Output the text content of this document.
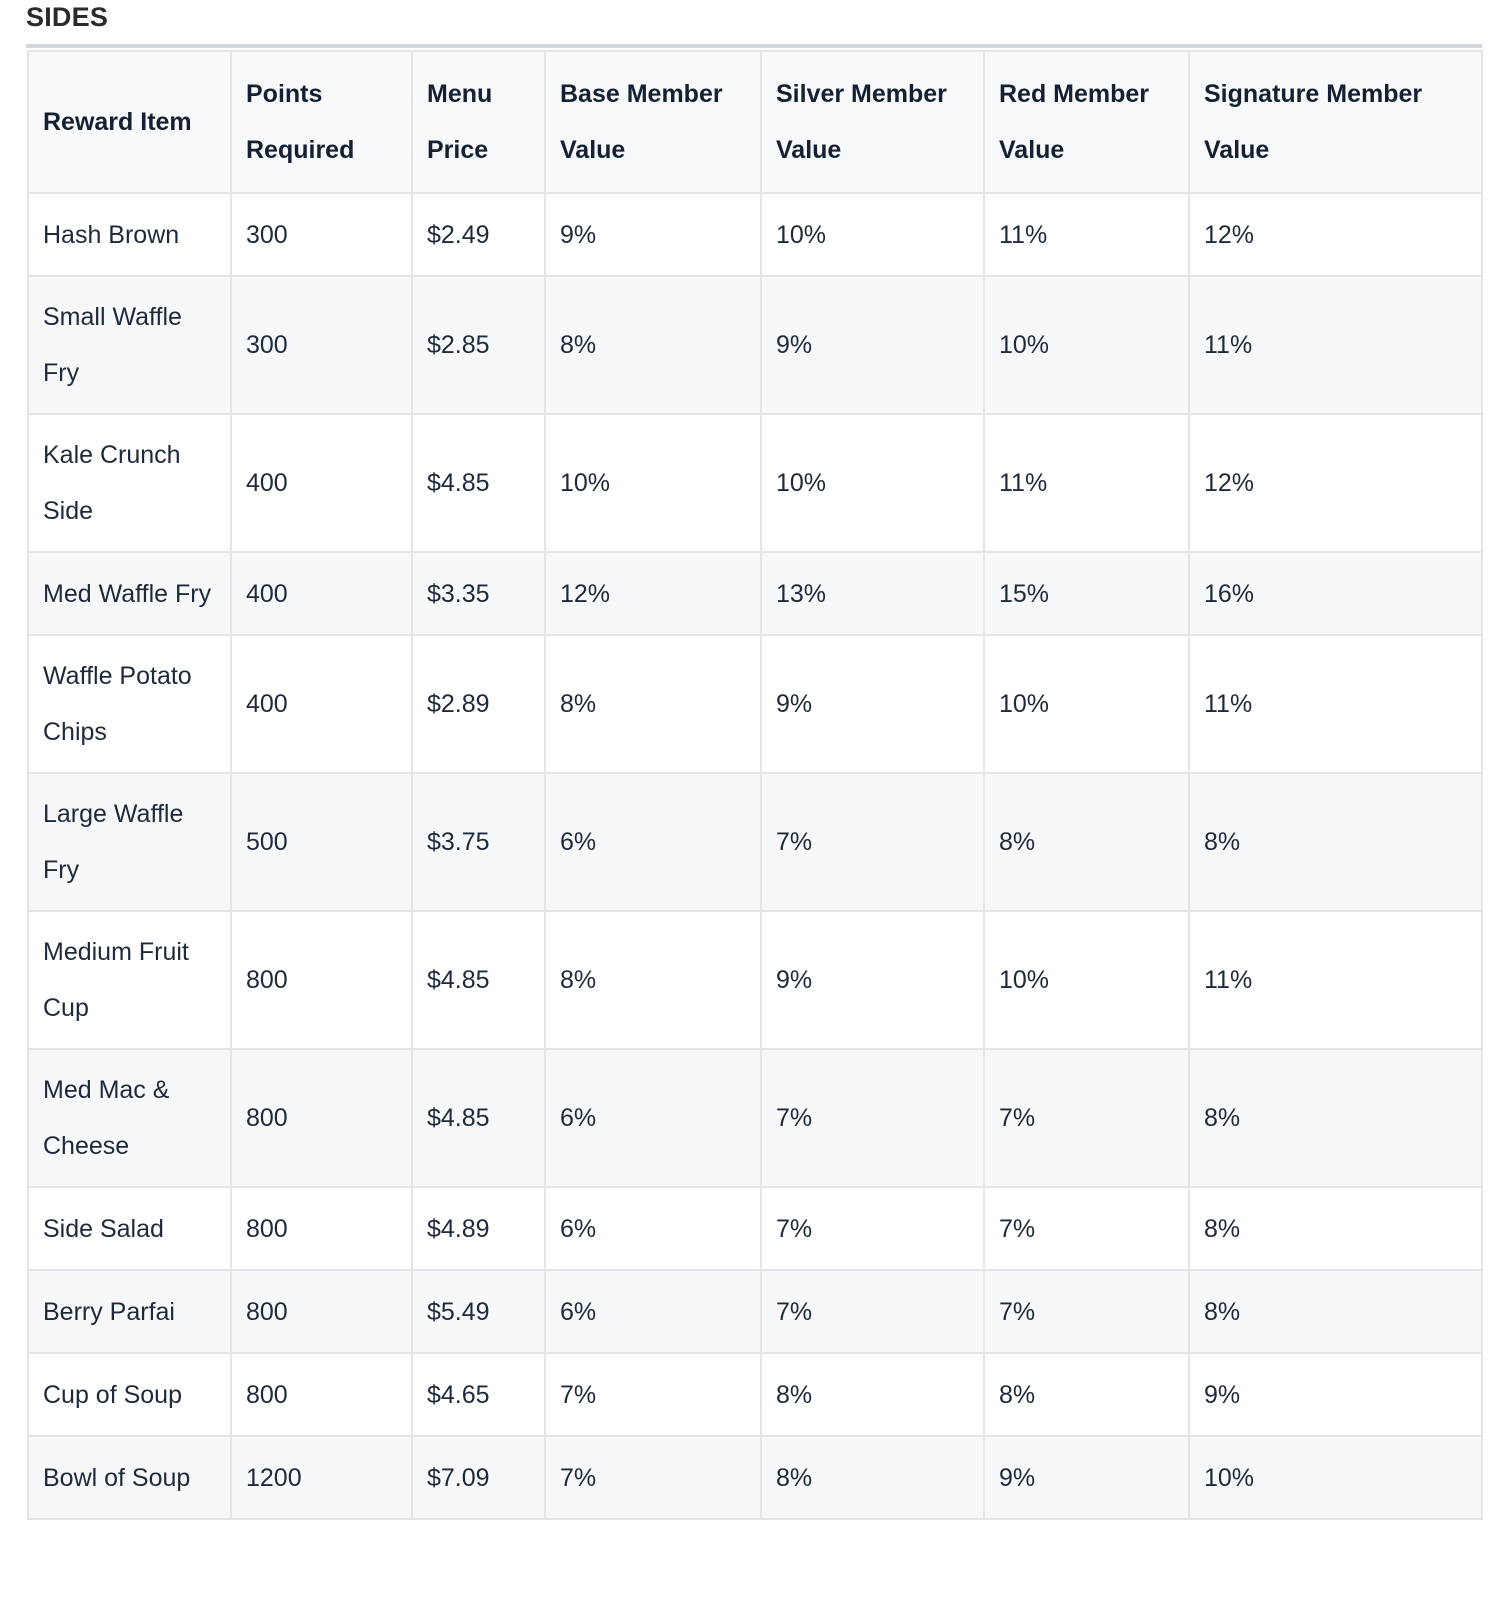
SIDES
Reward Item	Points Required	Menu Price	Base Member Value	Silver Member Value	Red Member Value	Signature Member Value
Hash Brown	300	$2.49	9%	10%	11%	12%
Small Waffle Fry	300	$2.85	8%	9%	10%	11%
Kale Crunch Side	400	$4.85	10%	10%	11%	12%
Med Waffle Fry	400	$3.35	12%	13%	15%	16%
Waffle Potato Chips	400	$2.89	8%	9%	10%	11%
Large Waffle Fry	500	$3.75	6%	7%	8%	8%
Medium Fruit Cup	800	$4.85	8%	9%	10%	11%
Med Mac & Cheese	800	$4.85	6%	7%	7%	8%
Side Salad	800	$4.89	6%	7%	7%	8%
Berry Parfai	800	$5.49	6%	7%	7%	8%
Cup of Soup	800	$4.65	7%	8%	8%	9%
Bowl of Soup	1200	$7.09	7%	8%	9%	10%
